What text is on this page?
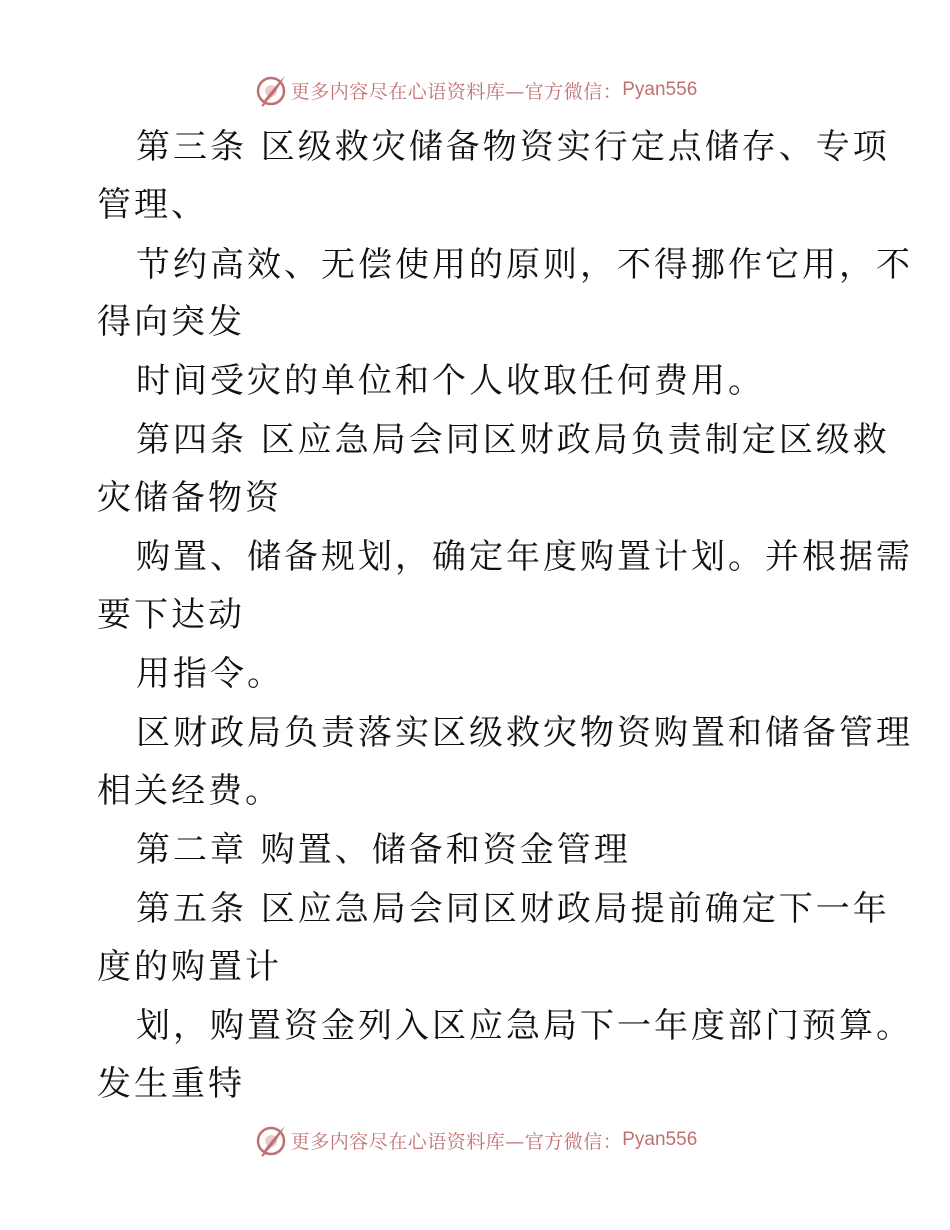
更多内容尽在心语资料库—官方微信： Pyan556
第三条 区级救灾储备物资实行定点储存、专项
管理、
节约高效、无偿使用的原则，不得挪作它用，不
得向突发
时间受灾的单位和个人收取任何费用。
第四条 区应急局会同区财政局负责制定区级救
灾储备物资
购置、储备规划，确定年度购置计划。并根据需
要下达动
用指令。
区财政局负责落实区级救灾物资购置和储备管理
相关经费。
第二章 购置、储备和资金管理
第五条 区应急局会同区财政局提前确定下一年
度的购置计
划，购置资金列入区应急局下一年度部门预算。
发生重特
更多内容尽在心语资料库—官方微信： Pyan556
